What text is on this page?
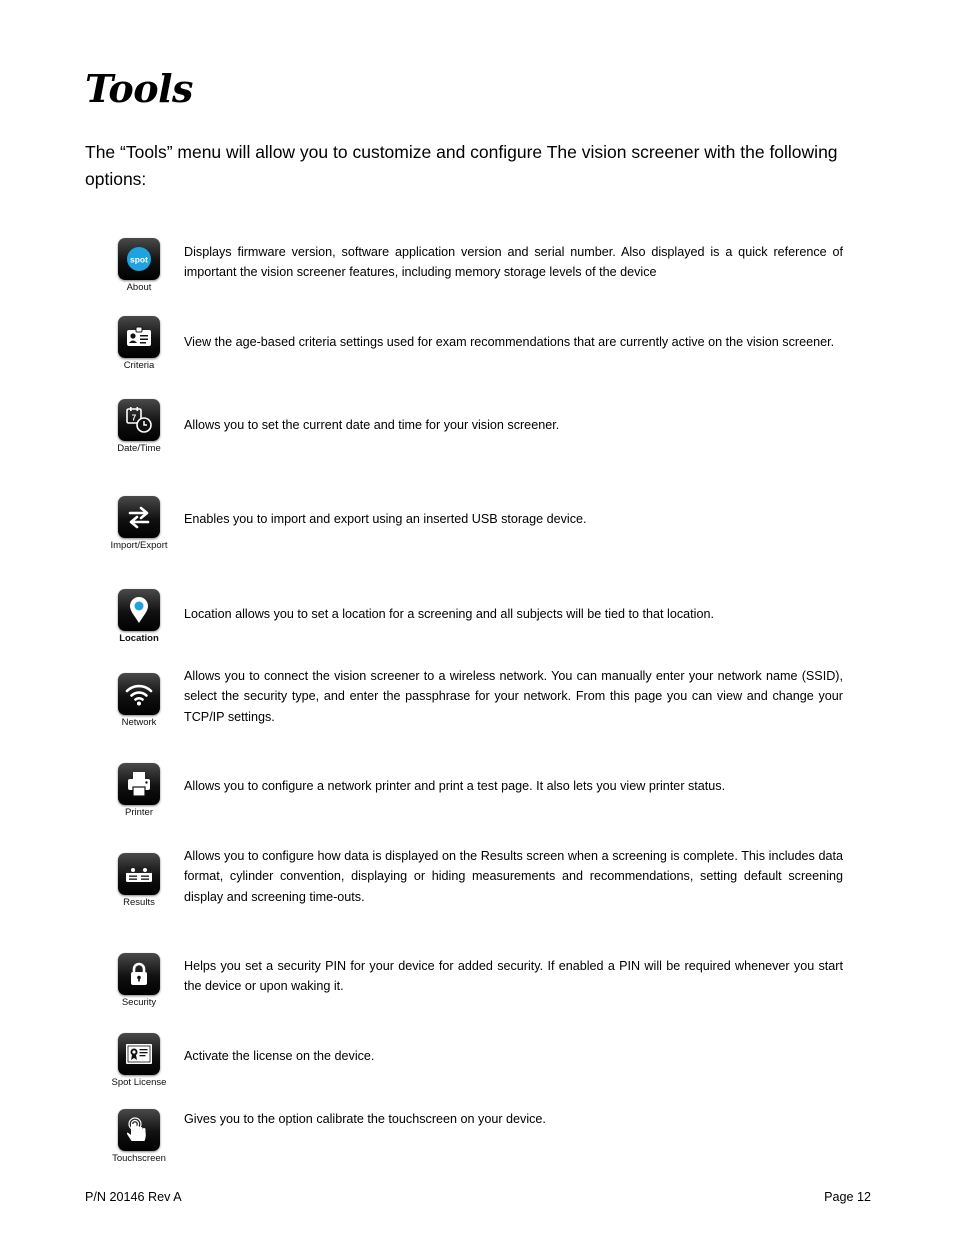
Tools

The “Tools” menu will allow you to customize and configure The vision screener with the following options:

spot
About

Displays firmware version, software application version and serial number. Also displayed is a quick reference of important the vision screener features, including memory storage levels of the device

Criteria

View the age-based criteria settings used for exam recommendations that are currently active on the vision screener.

7
Date/Time

Allows you to set the current date and time for your vision screener.

Import/Export

Enables you to import and export using an inserted USB storage device.

Location

Location allows you to set a location for a screening and all subjects will be tied to that location.

Network

Allows you to connect the vision screener to a wireless network. You can manually enter your network name (SSID), select the security type, and enter the passphrase for your network. From this page you can view and change your TCP/IP settings.

Printer

Allows you to configure a network printer and print a test page. It also lets you view printer status.

Results

Allows you to configure how data is displayed on the Results screen when a screening is complete. This includes data format, cylinder convention, displaying or hiding measurements and recommendations, setting default screening display and screening time-outs.

Security

Helps you set a security PIN for your device for added security. If enabled a PIN will be required whenever you start the device or upon waking it.

Spot License

Activate the license on the device.

Touchscreen

Gives you to the option calibrate the touchscreen on your device.

P/N 20146 Rev A	Page 12
